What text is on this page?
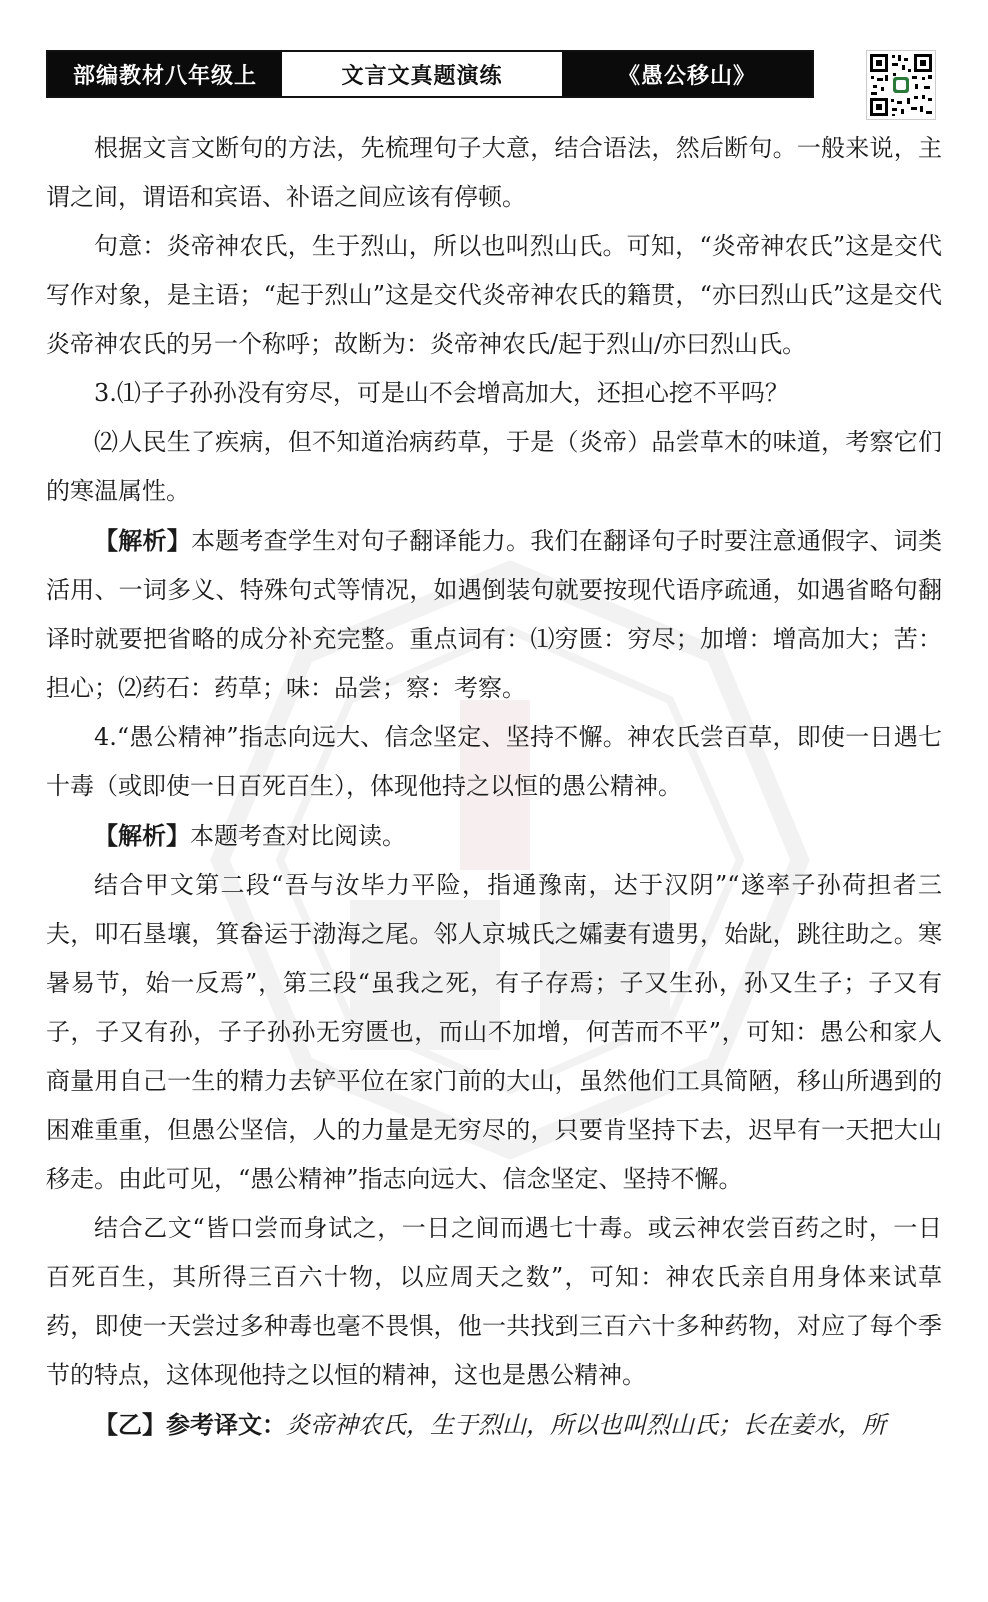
部编教材八年级上	文言文真题演练	《愚公移山》

根据文言文断句的方法，先梳理句子大意，结合语法，然后断句。一般来说，主谓之间，谓语和宾语、补语之间应该有停顿。

句意：炎帝神农氏，生于烈山，所以也叫烈山氏。可知，“炎帝神农氏”这是交代写作对象，是主语；“起于烈山”这是交代炎帝神农氏的籍贯，“亦曰烈山氏”这是交代炎帝神农氏的另一个称呼；故断为：炎帝神农氏/起于烈山/亦曰烈山氏。

3.⑴子子孙孙没有穷尽，可是山不会增高加大，还担心挖不平吗？

⑵人民生了疾病，但不知道治病药草，于是（炎帝）品尝草木的味道，考察它们的寒温属性。

【解析】本题考查学生对句子翻译能力。我们在翻译句子时要注意通假字、词类活用、一词多义、特殊句式等情况，如遇倒装句就要按现代语序疏通，如遇省略句翻译时就要把省略的成分补充完整。重点词有：⑴穷匮：穷尽；加增：增高加大；苦：担心；⑵药石：药草；味：品尝；察：考察。

4.“愚公精神”指志向远大、信念坚定、坚持不懈。神农氏尝百草，即使一日遇七十毒（或即使一日百死百生），体现他持之以恒的愚公精神。

【解析】本题考查对比阅读。

结合甲文第二段“吾与汝毕力平险，指通豫南，达于汉阴”“遂率子孙荷担者三夫，叩石垦壤，箕畚运于渤海之尾。邻人京城氏之孀妻有遗男，始龀，跳往助之。寒暑易节，始一反焉”，第三段“虽我之死，有子存焉；子又生孙，孙又生子；子又有子，子又有孙，子子孙孙无穷匮也，而山不加增，何苦而不平”，可知：愚公和家人商量用自己一生的精力去铲平位在家门前的大山，虽然他们工具简陋，移山所遇到的困难重重，但愚公坚信，人的力量是无穷尽的，只要肯坚持下去，迟早有一天把大山移走。由此可见，“愚公精神”指志向远大、信念坚定、坚持不懈。

结合乙文“皆口尝而身试之，一日之间而遇七十毒。或云神农尝百药之时，一日百死百生，其所得三百六十物，以应周天之数”，可知：神农氏亲自用身体来试草药，即使一天尝过多种毒也毫不畏惧，他一共找到三百六十多种药物，对应了每个季节的特点，这体现他持之以恒的精神，这也是愚公精神。

【乙】参考译文：炎帝神农氏，生于烈山，所以也叫烈山氏；长在姜水，所
